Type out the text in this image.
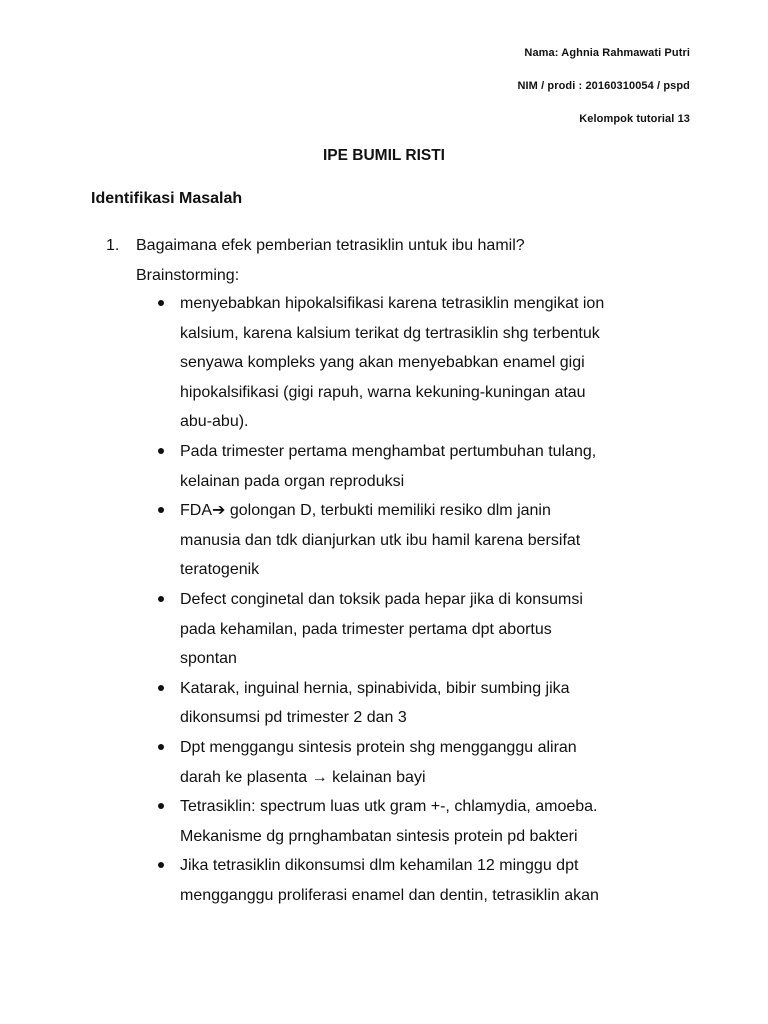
Nama: Aghnia Rahmawati Putri
NIM / prodi : 20160310054 / pspd
Kelompok tutorial 13
IPE BUMIL RISTI
Identifikasi Masalah
1.	Bagaimana efek pemberian tetrasiklin untuk ibu hamil?
Brainstorming:
menyebabkan hipokalsifikasi karena tetrasiklin mengikat ion
kalsium, karena kalsium terikat dg tertrasiklin shg terbentuk
senyawa kompleks yang akan menyebabkan enamel gigi
hipokalsifikasi (gigi rapuh, warna kekuning-kuningan atau
abu-abu).
Pada trimester pertama menghambat pertumbuhan tulang,
kelainan pada organ reproduksi
FDA➔ golongan D, terbukti memiliki resiko dlm janin
manusia dan tdk dianjurkan utk ibu hamil karena bersifat
teratogenik
Defect conginetal dan toksik pada hepar jika di konsumsi
pada kehamilan, pada trimester pertama dpt abortus
spontan
Katarak, inguinal hernia, spinabivida, bibir sumbing jika
dikonsumsi pd trimester 2 dan 3
Dpt menggangu sintesis protein shg mengganggu aliran
darah ke plasenta → kelainan bayi
Tetrasiklin: spectrum luas utk gram +-, chlamydia, amoeba.
Mekanisme dg prnghambatan sintesis protein pd bakteri
Jika tetrasiklin dikonsumsi dlm kehamilan 12 minggu dpt
mengganggu proliferasi enamel dan dentin, tetrasiklin akan
